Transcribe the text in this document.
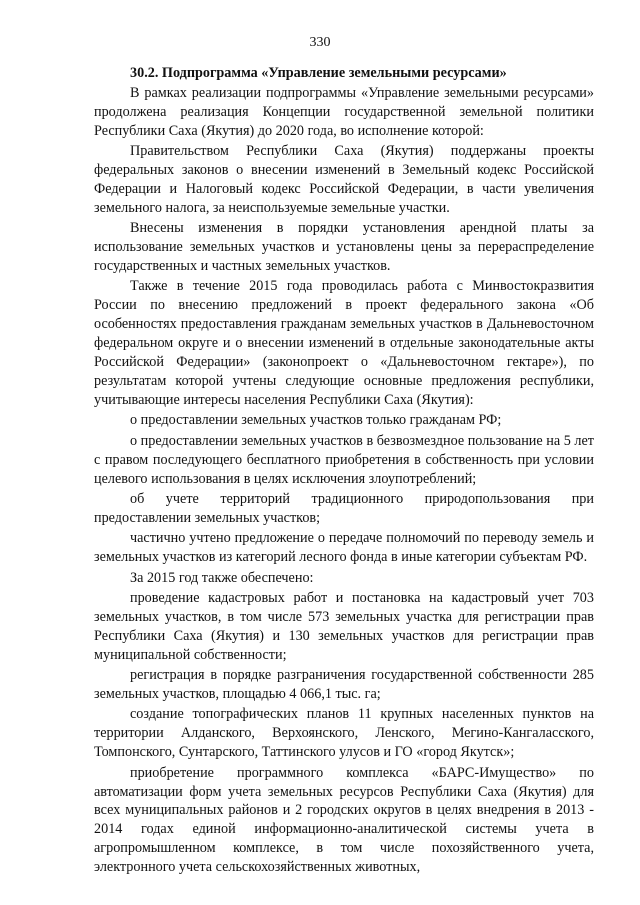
330

30.2. Подпрограмма «Управление земельными ресурсами»

В рамках реализации подпрограммы «Управление земельными ресурсами» продолжена реализация Концепции государственной земельной политики Республики Саха (Якутия) до 2020 года, во исполнение которой:

Правительством Республики Саха (Якутия) поддержаны проекты федеральных законов о внесении изменений в Земельный кодекс Российской Федерации и Налоговый кодекс Российской Федерации, в части увеличения земельного налога, за неиспользуемые земельные участки.

Внесены изменения в порядки установления арендной платы за использование земельных участков и установлены цены за перераспределение государственных и частных земельных участков.

Также в течение 2015 года проводилась работа с Минвостокразвития России по внесению предложений в проект федерального закона «Об особенностях предоставления гражданам земельных участков в Дальневосточном федеральном округе и о внесении изменений в отдельные законодательные акты Российской Федерации» (законопроект о «Дальневосточном гектаре»), по результатам которой учтены следующие основные предложения республики, учитывающие интересы населения Республики Саха (Якутия):

о предоставлении земельных участков только гражданам РФ;

о предоставлении земельных участков в безвозмездное пользование на 5 лет с правом последующего бесплатного приобретения в собственность при условии целевого использования в целях исключения злоупотреблений;

об учете территорий традиционного природопользования при предоставлении земельных участков;

частично учтено предложение о передаче полномочий по переводу земель и земельных участков из категорий лесного фонда в иные категории субъектам РФ.

За 2015 год также обеспечено:

проведение кадастровых работ и постановка на кадастровый учет 703 земельных участков, в том числе 573 земельных участка для регистрации прав Республики Саха (Якутия) и 130 земельных участков для регистрации прав муниципальной собственности;

регистрация в порядке разграничения государственной собственности 285 земельных участков, площадью 4 066,1 тыс. га;

создание топографических планов 11 крупных населенных пунктов на территории Алданского, Верхоянского, Ленского, Мегино-Кангаласского, Томпонского, Сунтарского, Таттинского улусов и ГО «город Якутск»;

приобретение программного комплекса «БАРС-Имущество» по автоматизации форм учета земельных ресурсов Республики Саха (Якутия) для всех муниципальных районов и 2 городских округов в целях внедрения в 2013 - 2014 годах единой информационно-аналитической системы учета в агропромышленном комплексе, в том числе похозяйственного учета, электронного учета сельскохозяйственных животных,
